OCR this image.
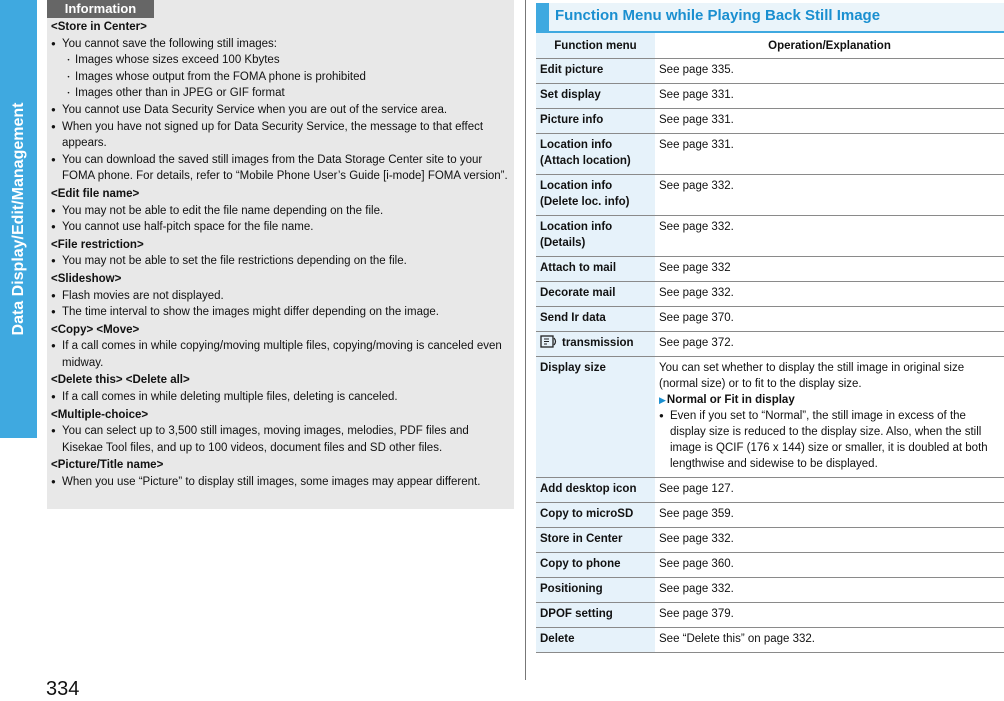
Data Display/Edit/Management
Information
<Store in Center>
● You cannot save the following still images:
・ Images whose sizes exceed 100 Kbytes
・ Images whose output from the FOMA phone is prohibited
・ Images other than in JPEG or GIF format
● You cannot use Data Security Service when you are out of the service area.
● When you have not signed up for Data Security Service, the message to that effect appears.
● You can download the saved still images from the Data Storage Center site to your FOMA phone. For details, refer to “Mobile Phone User’s Guide [i-mode] FOMA version”.
<Edit file name>
● You may not be able to edit the file name depending on the file.
● You cannot use half-pitch space for the file name.
<File restriction>
● You may not be able to set the file restrictions depending on the file.
<Slideshow>
● Flash movies are not displayed.
● The time interval to show the images might differ depending on the image.
<Copy> <Move>
● If a call comes in while copying/moving multiple files, copying/moving is canceled even midway.
<Delete this> <Delete all>
● If a call comes in while deleting multiple files, deleting is canceled.
<Multiple-choice>
● You can select up to 3,500 still images, moving images, melodies, PDF files and Kisekae Tool files, and up to 100 videos, document files and SD other files.
<Picture/Title name>
● When you use “Picture” to display still images, some images may appear different.
Function Menu while Playing Back Still Image
Function menu	Operation/Explanation
Edit picture	See page 335.

Set display	See page 331.

Picture info	See page 331.

Location info (Attach location)	See page 331.

Location info (Delete loc. info)	See page 332.

Location info (Details)	See page 332.

Attach to mail	See page 332

Decorate mail	See page 332.

Send Ir data	See page 370.

transmission	See page 372.

Display size	You can set whether to display the still image in original size (normal size) or to fit to the display size.
▶ Normal or Fit in display
● Even if you set to “Normal”, the still image in excess of the display size is reduced to the display size. Also, when the still image is QCIF (176 x 144) size or smaller, it is doubled at both lengthwise and sidewise to be displayed.

Add desktop icon	See page 127.

Copy to microSD	See page 359.

Store in Center	See page 332.

Copy to phone	See page 360.

Positioning	See page 332.

DPOF setting	See page 379.

Delete	See “Delete this” on page 332.
334
